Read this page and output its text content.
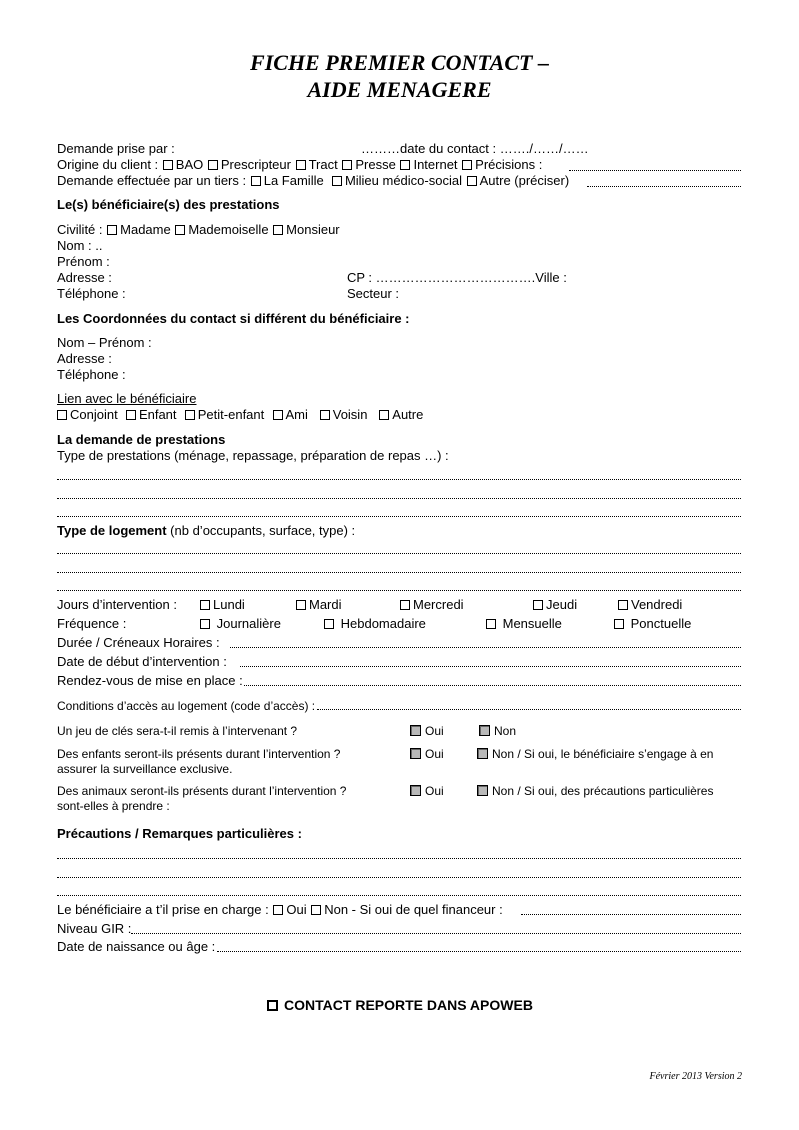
FICHE PREMIER CONTACT –
AIDE MENAGERE
Demande prise par :	………date du contact : ……./……/……
Origine du client : BAO Prescripteur Tract Presse Internet Précisions :
Demande effectuée par un tiers : La Famille Milieu médico-social Autre (préciser)
Le(s) bénéficiaire(s) des prestations
Civilité : Madame Mademoiselle Monsieur
Nom : ..
Prénom :
Adresse :	CP : ……………………………….Ville :
Téléphone :	Secteur :
Les Coordonnées du contact si différent du bénéficiaire :
Nom – Prénom :
Adresse :
Téléphone :
Lien avec le bénéficiaire
Conjoint Enfant Petit-enfant Ami Voisin Autre
La demande de prestations
Type de prestations (ménage, repassage, préparation de repas …) :
Type de logement (nb d’occupants, surface, type) :
Jours d’intervention :	Lundi	Mardi	Mercredi	Jeudi	Vendredi
Fréquence :	Journalière	Hebdomadaire	Mensuelle	Ponctuelle
Durée / Créneaux Horaires :
Date de début d’intervention :
Rendez-vous de mise en place :
Conditions d’accès au logement (code d’accès) :
Un jeu de clés sera-t-il remis à l’intervenant ?	Oui	Non
Des enfants seront-ils présents durant l’intervention ?
assurer la surveillance exclusive.
Oui	Non / Si oui, le bénéficiaire s’engage à en
Des animaux seront-ils présents durant l’intervention ?
sont-elles à prendre :
Oui	Non / Si oui, des précautions particulières
Précautions / Remarques particulières :
Le bénéficiaire a t’il prise en charge : Oui Non - Si oui de quel financeur :
Niveau GIR :
Date de naissance ou âge :
CONTACT REPORTE DANS APOWEB
Février 2013 Version 2
